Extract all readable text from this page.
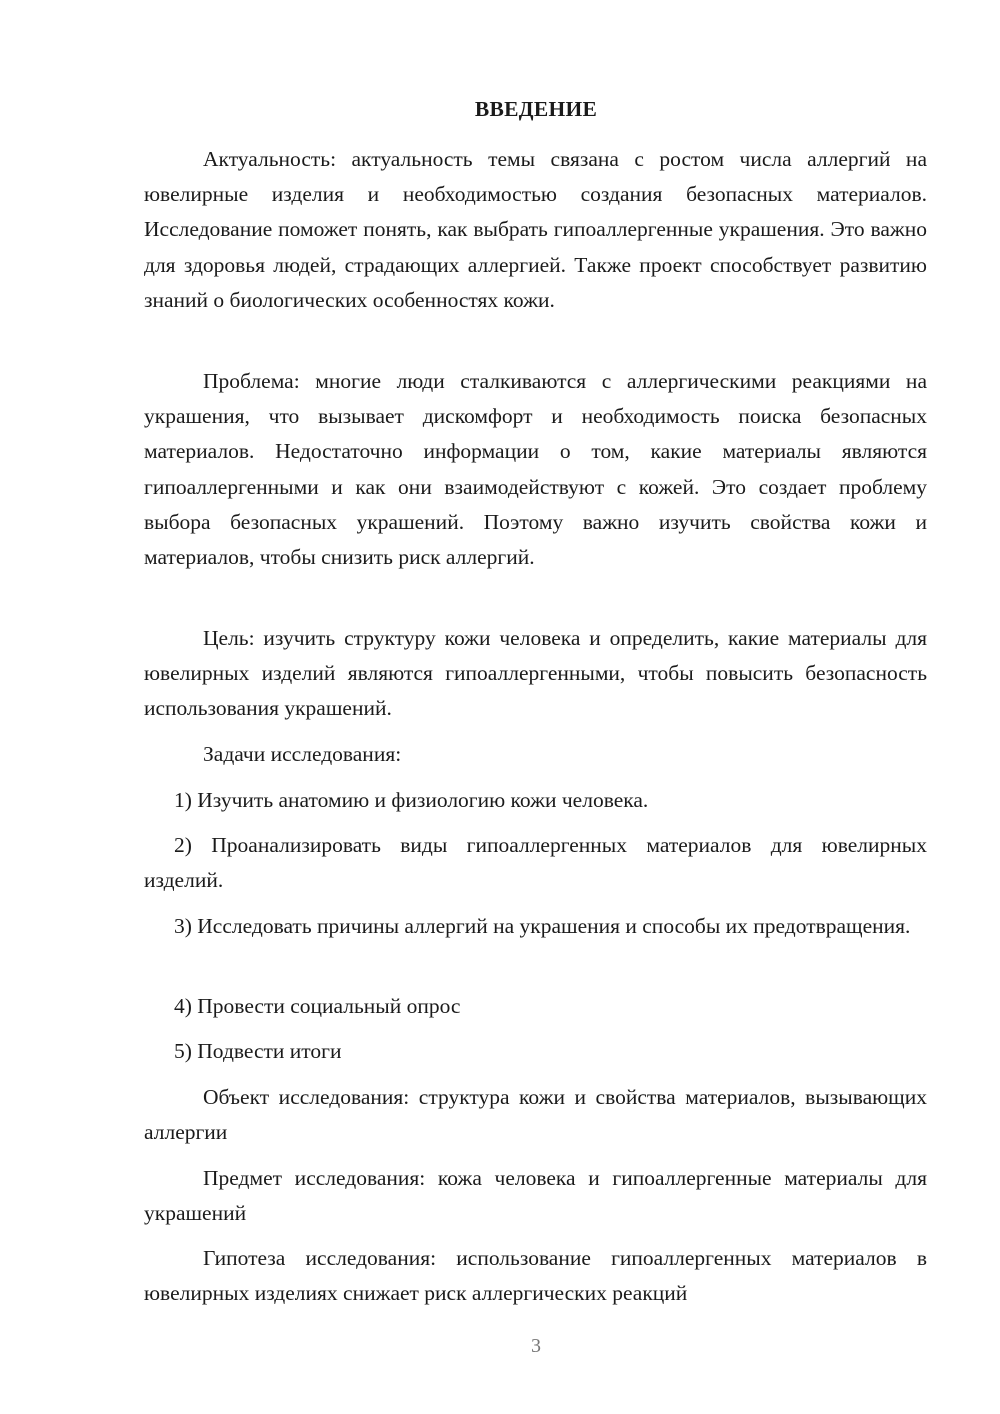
ВВЕДЕНИЕ

Актуальность: актуальность темы связана с ростом числа аллергий на ювелирные изделия и необходимостью создания безопасных материалов. Исследование поможет понять, как выбрать гипоаллергенные украшения. Это важно для здоровья людей, страдающих аллергией. Также проект способствует развитию знаний о биологических особенностях кожи.

Проблема: многие люди сталкиваются с аллергическими реакциями на украшения, что вызывает дискомфорт и необходимость поиска безопасных материалов. Недостаточно информации о том, какие материалы являются гипоаллергенными и как они взаимодействуют с кожей. Это создает проблему выбора безопасных украшений. Поэтому важно изучить свойства кожи и материалов, чтобы снизить риск аллергий.

Цель: изучить структуру кожи человека и определить, какие материалы для ювелирных изделий являются гипоаллергенными, чтобы повысить безопасность использования украшений.

Задачи исследования:

1) Изучить анатомию и физиологию кожи человека.

2) Проанализировать виды гипоаллергенных материалов для ювелирных изделий.

3) Исследовать причины аллергий на украшения и способы их предотвращения.

4) Провести социальный опрос

5) Подвести итоги

Объект исследования: структура кожи и свойства материалов, вызывающих аллергии

Предмет исследования: кожа человека и гипоаллергенные материалы для украшений

Гипотеза исследования: использование гипоаллергенных материалов в ювелирных изделиях снижает риск аллергических реакций

3
